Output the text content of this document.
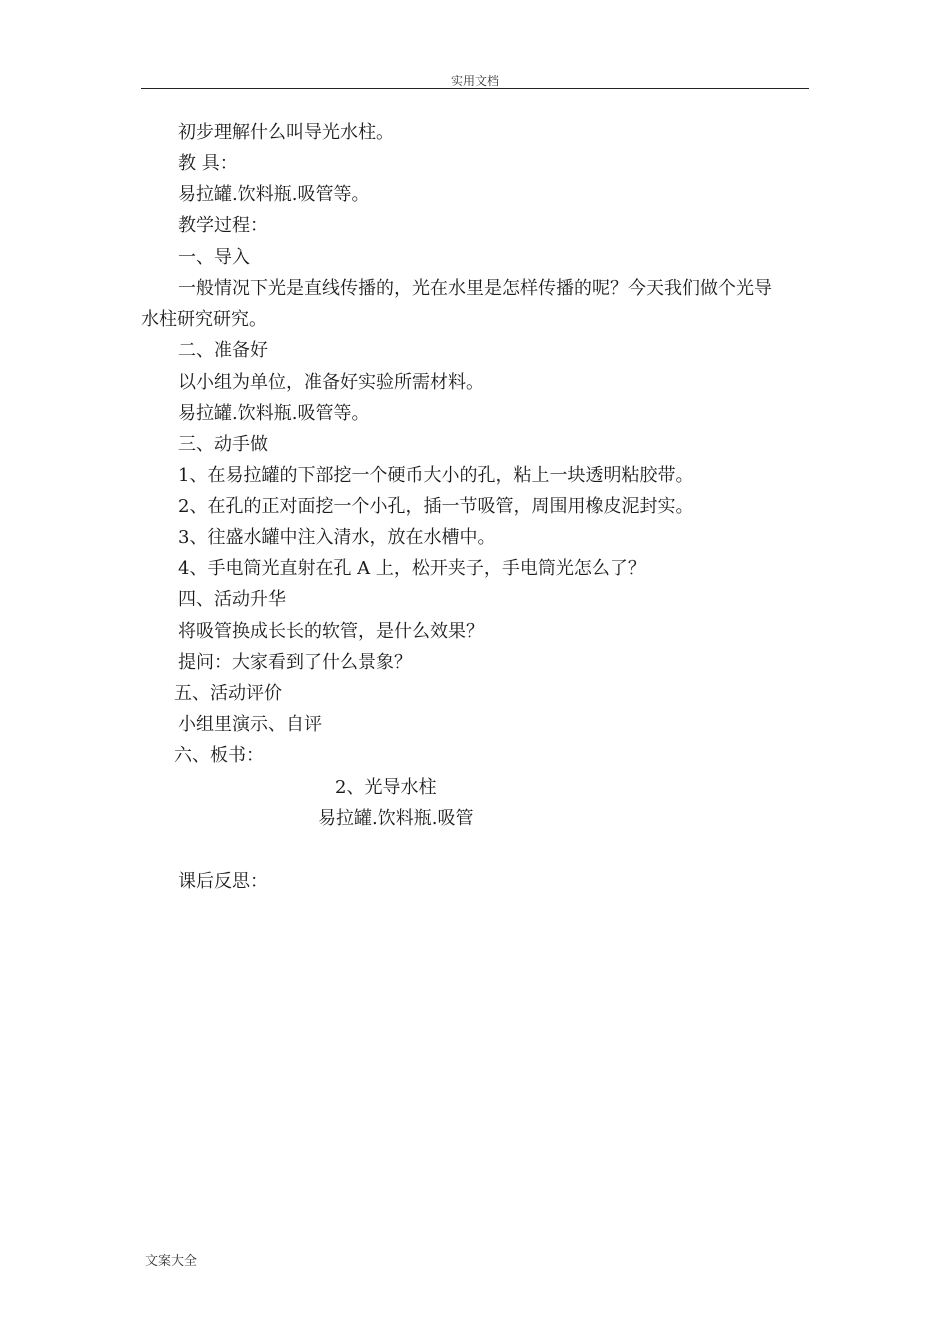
实用文档
初步理解什么叫导光水柱。
教 具：
易拉罐.饮料瓶.吸管等。
教学过程：
一、导入
一般情况下光是直线传播的，光在水里是怎样传播的呢？今天我们做个光导
水柱研究研究。
二、准备好
以小组为单位，准备好实验所需材料。
易拉罐.饮料瓶.吸管等。
三、动手做
1、在易拉罐的下部挖一个硬币大小的孔，粘上一块透明粘胶带。
2、在孔的正对面挖一个小孔，插一节吸管，周围用橡皮泥封实。
3、往盛水罐中注入清水，放在水槽中。
4、手电筒光直射在孔 A 上，松开夹子，手电筒光怎么了？
四、活动升华
将吸管换成长长的软管，是什么效果？
提问：大家看到了什么景象？
五、活动评价
小组里演示、自评
六、板书：
2、光导水柱
易拉罐.饮料瓶.吸管
课后反思：
文案大全
